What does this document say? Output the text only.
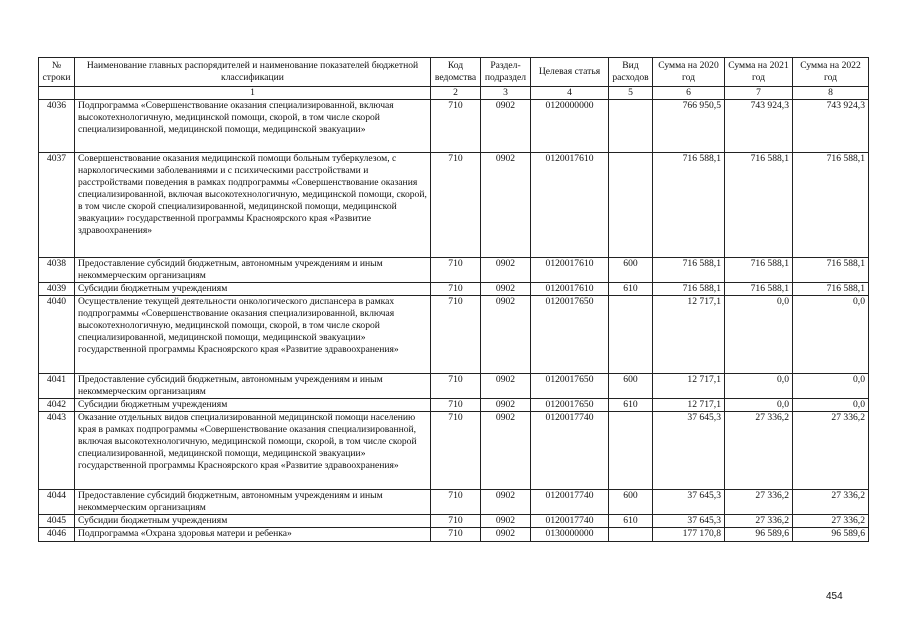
№ строки	Наименование главных распорядителей и наименование показателей бюджетной классификации	Код ведомства	Раздел-подраздел	Целевая статья	Вид расходов	Сумма на 2020 год	Сумма на 2021 год	Сумма на 2022 год
	1	2	3	4	5	6	7	8
4036	Подпрограмма «Совершенствование оказания специализированной, включая высокотехнологичную, медицинской помощи, скорой, в том числе скорой специализированной, медицинской помощи, медицинской эвакуации»	710	0902	0120000000		766 950,5	743 924,3	743 924,3
4037	Совершенствование оказания медицинской помощи больным туберкулезом, с наркологическими заболеваниями и с психическими расстройствами и расстройствами поведения в рамках подпрограммы «Совершенствование оказания специализированной, включая высокотехнологичную, медицинской помощи, скорой, в том числе скорой специализированной, медицинской помощи, медицинской эвакуации» государственной программы Красноярского края «Развитие здравоохранения»	710	0902	0120017610		716 588,1	716 588,1	716 588,1
4038	Предоставление субсидий бюджетным, автономным учреждениям и иным некоммерческим организациям	710	0902	0120017610	600	716 588,1	716 588,1	716 588,1
4039	Субсидии бюджетным учреждениям	710	0902	0120017610	610	716 588,1	716 588,1	716 588,1
4040	Осуществление текущей деятельности онкологического диспансера в рамках подпрограммы «Совершенствование оказания специализированной, включая высокотехнологичную, медицинской помощи, скорой, в том числе скорой специализированной, медицинской помощи, медицинской эвакуации» государственной программы Красноярского края «Развитие здравоохранения»	710	0902	0120017650		12 717,1	0,0	0,0
4041	Предоставление субсидий бюджетным, автономным учреждениям и иным некоммерческим организациям	710	0902	0120017650	600	12 717,1	0,0	0,0
4042	Субсидии бюджетным учреждениям	710	0902	0120017650	610	12 717,1	0,0	0,0
4043	Оказание отдельных видов специализированной медицинской помощи населению края в рамках подпрограммы «Совершенствование оказания специализированной, включая высокотехнологичную, медицинской помощи, скорой, в том числе скорой специализированной, медицинской помощи, медицинской эвакуации» государственной программы Красноярского края «Развитие здравоохранения»	710	0902	0120017740		37 645,3	27 336,2	27 336,2
4044	Предоставление субсидий бюджетным, автономным учреждениям и иным некоммерческим организациям	710	0902	0120017740	600	37 645,3	27 336,2	27 336,2
4045	Субсидии бюджетным учреждениям	710	0902	0120017740	610	37 645,3	27 336,2	27 336,2
4046	Подпрограмма «Охрана здоровья матери и ребенка»	710	0902	0130000000		177 170,8	96 589,6	96 589,6
454
